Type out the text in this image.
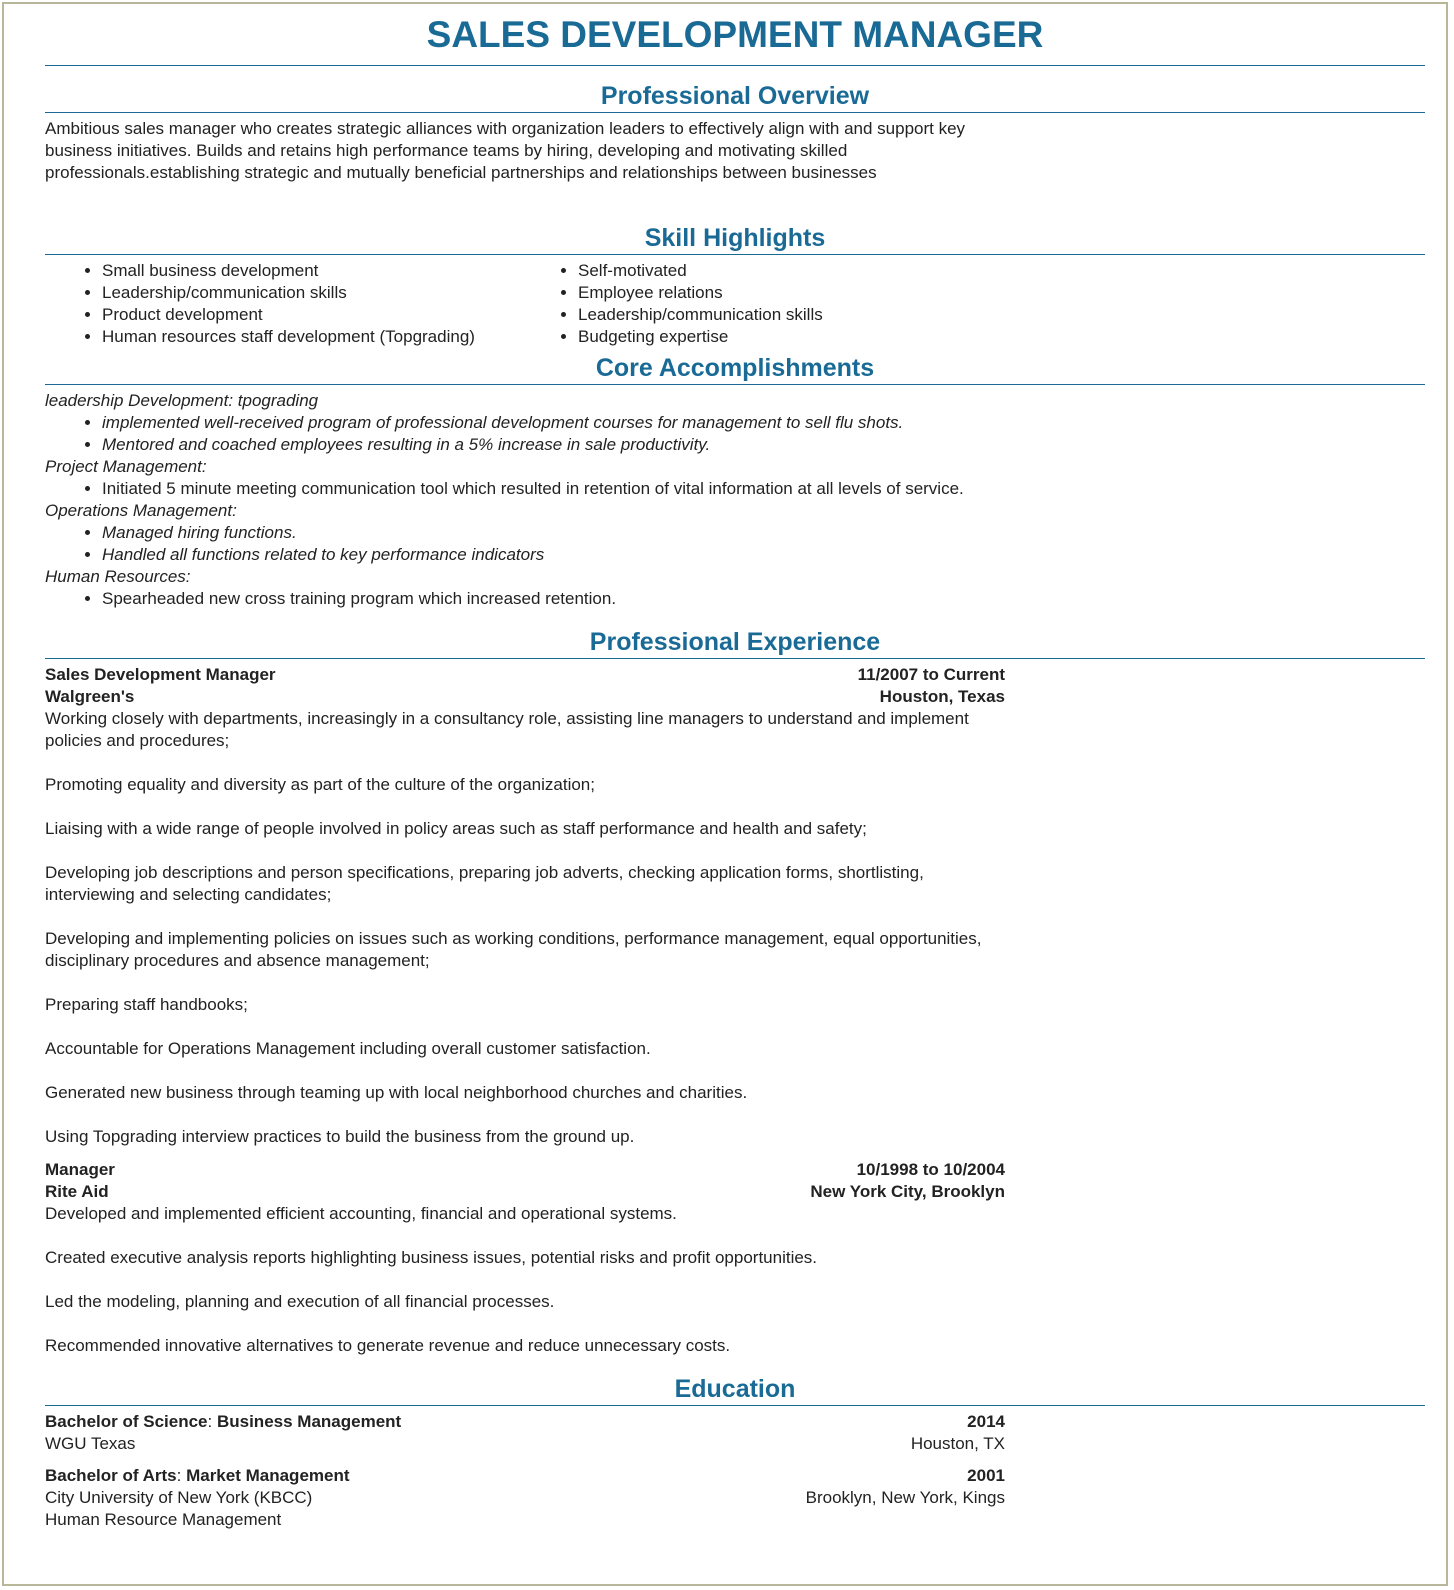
SALES DEVELOPMENT MANAGER
Professional Overview

Ambitious sales manager who creates strategic alliances with organization leaders to effectively align with and support key business initiatives. Builds and retains high performance teams by hiring, developing and motivating skilled professionals.establishing strategic and mutually beneficial partnerships and relationships between businesses

Skill Highlights
• Small business development
• Leadership/communication skills
• Product development
• Human resources staff development (Topgrading)
• Self-motivated
• Employee relations
• Leadership/communication skills
• Budgeting expertise
Core Accomplishments

leadership Development: tpograding

• implemented well-received program of professional development courses for management to sell flu shots.
• Mentored and coached employees resulting in a 5% increase in sale productivity.

Project Management:

• Initiated 5 minute meeting communication tool which resulted in retention of vital information at all levels of service.

Operations Management:

• Managed hiring functions.
• Handled all functions related to key performance indicators

Human Resources:

• Spearheaded new cross training program which increased retention.
Professional Experience
Sales Development Manager	11/2007 to Current
Walgreen's	Houston, Texas

Working closely with departments, increasingly in a consultancy role, assisting line managers to understand and implement policies and procedures;

Promoting equality and diversity as part of the culture of the organization;

Liaising with a wide range of people involved in policy areas such as staff performance and health and safety;

Developing job descriptions and person specifications, preparing job adverts, checking application forms, shortlisting, interviewing and selecting candidates;

Developing and implementing policies on issues such as working conditions, performance management, equal opportunities, disciplinary procedures and absence management;

Preparing staff handbooks;

Accountable for Operations Management including overall customer satisfaction.

Generated new business through teaming up with local neighborhood churches and charities.

Using Topgrading interview practices to build the business from the ground up.

Manager	10/1998 to 10/2004
Rite Aid	New York City, Brooklyn

Developed and implemented efficient accounting, financial and operational systems.

Created executive analysis reports highlighting business issues, potential risks and profit opportunities.

Led the modeling, planning and execution of all financial processes.

Recommended innovative alternatives to generate revenue and reduce unnecessary costs.

Education
Bachelor of Science: Business Management	2014
WGU Texas	Houston, TX
Bachelor of Arts: Market Management	2001
City University of New York (KBCC)	Brooklyn, New York, Kings

Human Resource Management
